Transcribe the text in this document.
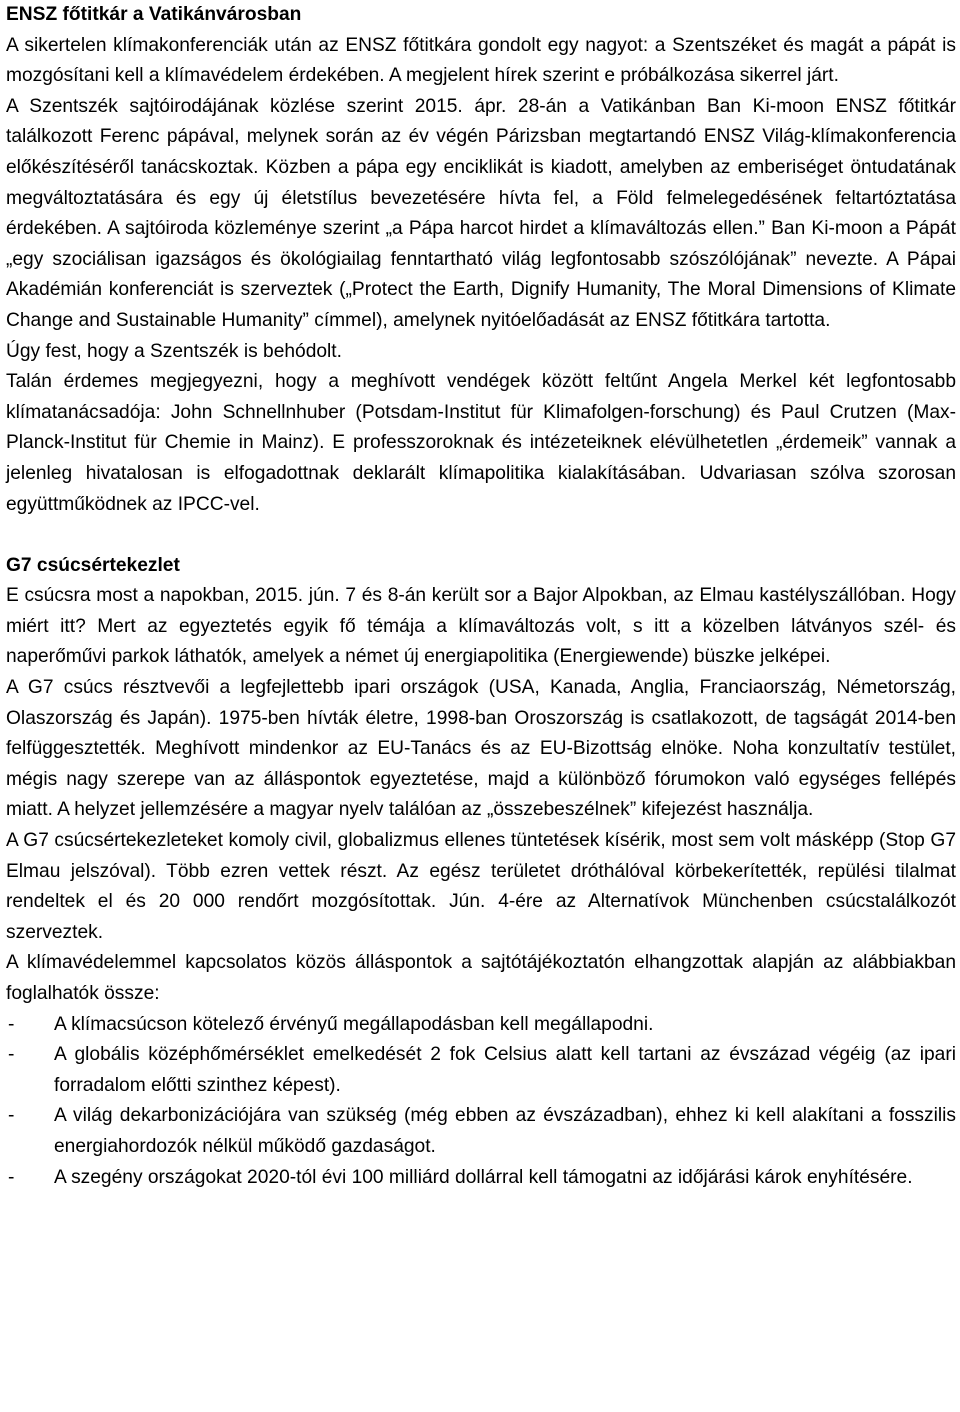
ENSZ főtitkár a Vatikánvárosban

A sikertelen klímakonferenciák után az ENSZ főtitkára gondolt egy nagyot: a Szentszéket és magát a pápát is mozgósítani kell a klímavédelem érdekében. A megjelent hírek szerint e próbálkozása sikerrel járt.

A Szentszék sajtóirodájának közlése szerint 2015. ápr. 28-án a Vatikánban Ban Ki-moon ENSZ főtitkár találkozott Ferenc pápával, melynek során az év végén Párizsban megtartandó ENSZ Világ-klímakonferencia előkészítéséről tanácskoztak. Közben a pápa egy enciklikát is kiadott, amelyben az emberiséget öntudatának megváltoztatására és egy új életstílus bevezetésére hívta fel, a Föld felmelegedésének feltartóztatása érdekében. A sajtóiroda közleménye szerint „a Pápa harcot hirdet a klímaváltozás ellen.” Ban Ki-moon a Pápát „egy szociálisan igazságos és ökológiailag fenntartható világ legfontosabb szószólójának” nevezte. A Pápai Akadémián konferenciát is szerveztek („Protect the Earth, Dignify Humanity, The Moral Dimensions of Klimate Change and Sustainable Humanity” címmel), amelynek nyitóelőadását az ENSZ főtitkára tartotta.

Úgy fest, hogy a Szentszék is behódolt.

Talán érdemes megjegyezni, hogy a meghívott vendégek között feltűnt Angela Merkel két legfontosabb klímatanácsadója: John Schnellnhuber (Potsdam-Institut für Klimafolgen-forschung) és Paul Crutzen (Max-Planck-Institut für Chemie in Mainz). E professzoroknak és intézeteiknek elévülhetetlen „érdemeik” vannak a jelenleg hivatalosan is elfogadottnak deklarált klímapolitika kialakításában. Udvariasan szólva szorosan együttműködnek az IPCC-vel.

G7 csúcsértekezlet

E csúcsra most a napokban, 2015. jún. 7 és 8-án került sor a Bajor Alpokban, az Elmau kastélyszállóban. Hogy miért itt? Mert az egyeztetés egyik fő témája a klímaváltozás volt, s itt a közelben látványos szél- és naperőművi parkok láthatók, amelyek a német új energiapolitika (Energiewende) büszke jelképei.

A G7 csúcs résztvevői a legfejlettebb ipari országok (USA, Kanada, Anglia, Franciaország, Németország, Olaszország és Japán). 1975-ben hívták életre, 1998-ban Oroszország is csatlakozott, de tagságát 2014-ben felfüggesztették. Meghívott mindenkor az EU-Tanács és az EU-Bizottság elnöke. Noha konzultatív testület, mégis nagy szerepe van az álláspontok egyeztetése, majd a különböző fórumokon való egységes fellépés miatt. A helyzet jellemzésére a magyar nyelv találóan az „összebeszélnek” kifejezést használja.

A G7 csúcsértekezleteket komoly civil, globalizmus ellenes tüntetések kísérik, most sem volt másképp (Stop G7 Elmau jelszóval). Több ezren vettek részt. Az egész területet dróthálóval körbekerítették, repülési tilalmat rendeltek el és 20 000 rendőrt mozgósítottak. Jún. 4-ére az Alternatívok Münchenben csúcstalálkozót szerveztek.

A klímavédelemmel kapcsolatos közös álláspontok a sajtótájékoztatón elhangzottak alapján az alábbiakban foglalhatók össze:

- A klímacsúcson kötelező érvényű megállapodásban kell megállapodni.
- A globális középhőmérséklet emelkedését 2 fok Celsius alatt kell tartani az évszázad végéig (az ipari forradalom előtti szinthez képest).
- A világ dekarbonizációjára van szükség (még ebben az évszázadban), ehhez ki kell alakítani a fosszilis energiahordozók nélkül működő gazdaságot.
- A szegény országokat 2020-tól évi 100 milliárd dollárral kell támogatni az időjárási károk enyhítésére.
